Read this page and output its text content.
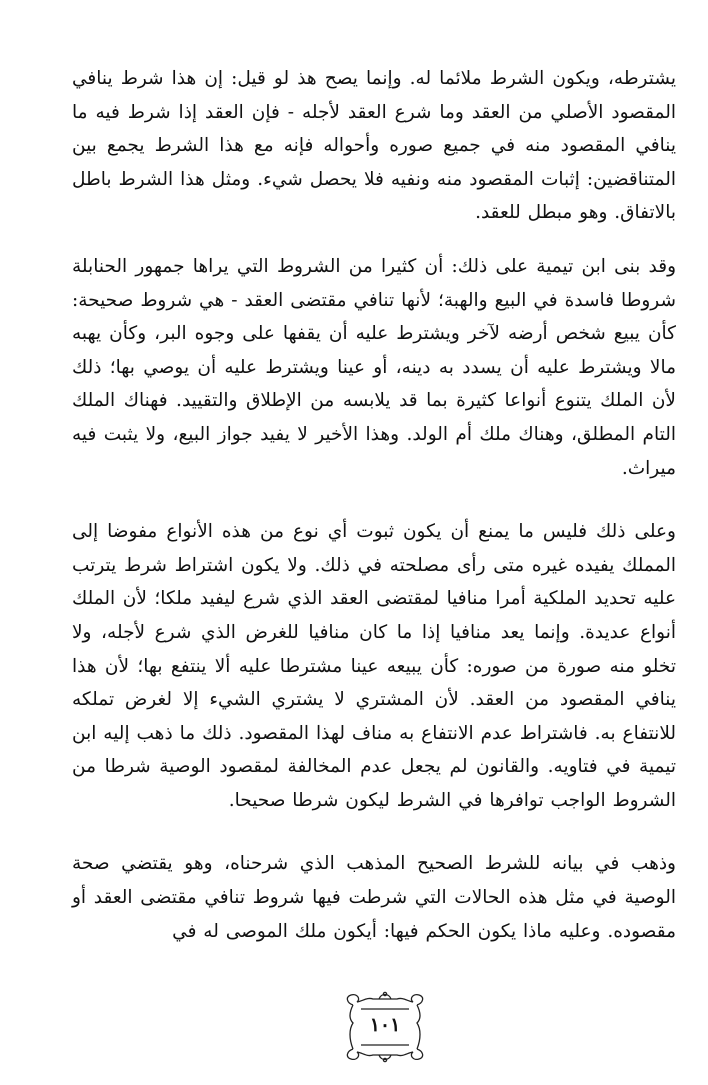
يشترطه، ويكون الشرط ملائما له. وإنما يصح هذ لو قيل: إن هذا شرط ينافي المقصود الأصلي من العقد وما شرع العقد لأجله - فإن العقد إذا شرط فيه ما ينافي المقصود منه في جميع صوره وأحواله فإنه مع هذا الشرط يجمع بين المتناقضين: إثبات المقصود منه ونفيه فلا يحصل شيء. ومثل هذا الشرط باطل بالاتفاق. وهو مبطل للعقد.

وقد بنى ابن تيمية على ذلك: أن كثيرا من الشروط التي يراها جمهور الحنابلة شروطا فاسدة في البيع والهبة؛ لأنها تنافي مقتضى العقد - هي شروط صحيحة: كأن يبيع شخص أرضه لآخر ويشترط عليه أن يقفها على وجوه البر، وكأن يهبه مالا ويشترط عليه أن يسدد به دينه، أو عينا ويشترط عليه أن يوصي بها؛ ذلك لأن الملك يتنوع أنواعا كثيرة بما قد يلابسه من الإطلاق والتقييد. فهناك الملك التام المطلق، وهناك ملك أم الولد. وهذا الأخير لا يفيد جواز البيع، ولا يثبت فيه ميراث.

وعلى ذلك فليس ما يمنع أن يكون ثبوت أي نوع من هذه الأنواع مفوضا إلى المملك يفيده غيره متى رأى مصلحته في ذلك. ولا يكون اشتراط شرط يترتب عليه تحديد الملكية أمرا منافيا لمقتضى العقد الذي شرع ليفيد ملكا؛ لأن الملك أنواع عديدة. وإنما يعد منافيا إذا ما كان منافيا للغرض الذي شرع لأجله، ولا تخلو منه صورة من صوره: كأن يبيعه عينا مشترطا عليه ألا ينتفع بها؛ لأن هذا ينافي المقصود من العقد. لأن المشتري لا يشتري الشيء إلا لغرض تملكه للانتفاع به. فاشتراط عدم الانتفاع به مناف لهذا المقصود. ذلك ما ذهب إليه ابن تيمية في فتاويه. والقانون لم يجعل عدم المخالفة لمقصود الوصية شرطا من الشروط الواجب توافرها في الشرط ليكون شرطا صحيحا.

وذهب في بيانه للشرط الصحيح المذهب الذي شرحناه، وهو يقتضي صحة الوصية في مثل هذه الحالات التي شرطت فيها شروط تنافي مقتضى العقد أو مقصوده. وعليه ماذا يكون الحكم فيها: أيكون ملك الموصى له في

١٠١
